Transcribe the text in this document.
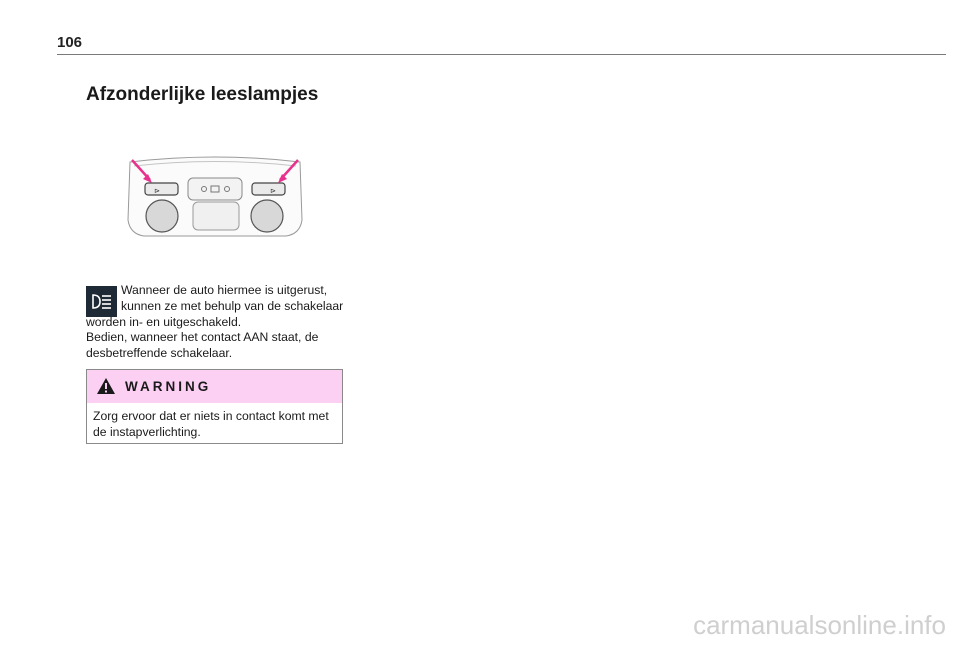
106
Afzonderlijke leeslampjes
⊳	⊳
Wanneer de auto hiermee is uitgerust,
kunnen ze met behulp van de schakelaar
worden in- en uitgeschakeld.
Bedien, wanneer het contact AAN staat, de
desbetreffende schakelaar.
WARNING
Zorg ervoor dat er niets in contact komt met
de instapverlichting.
carmanualsonline.info
